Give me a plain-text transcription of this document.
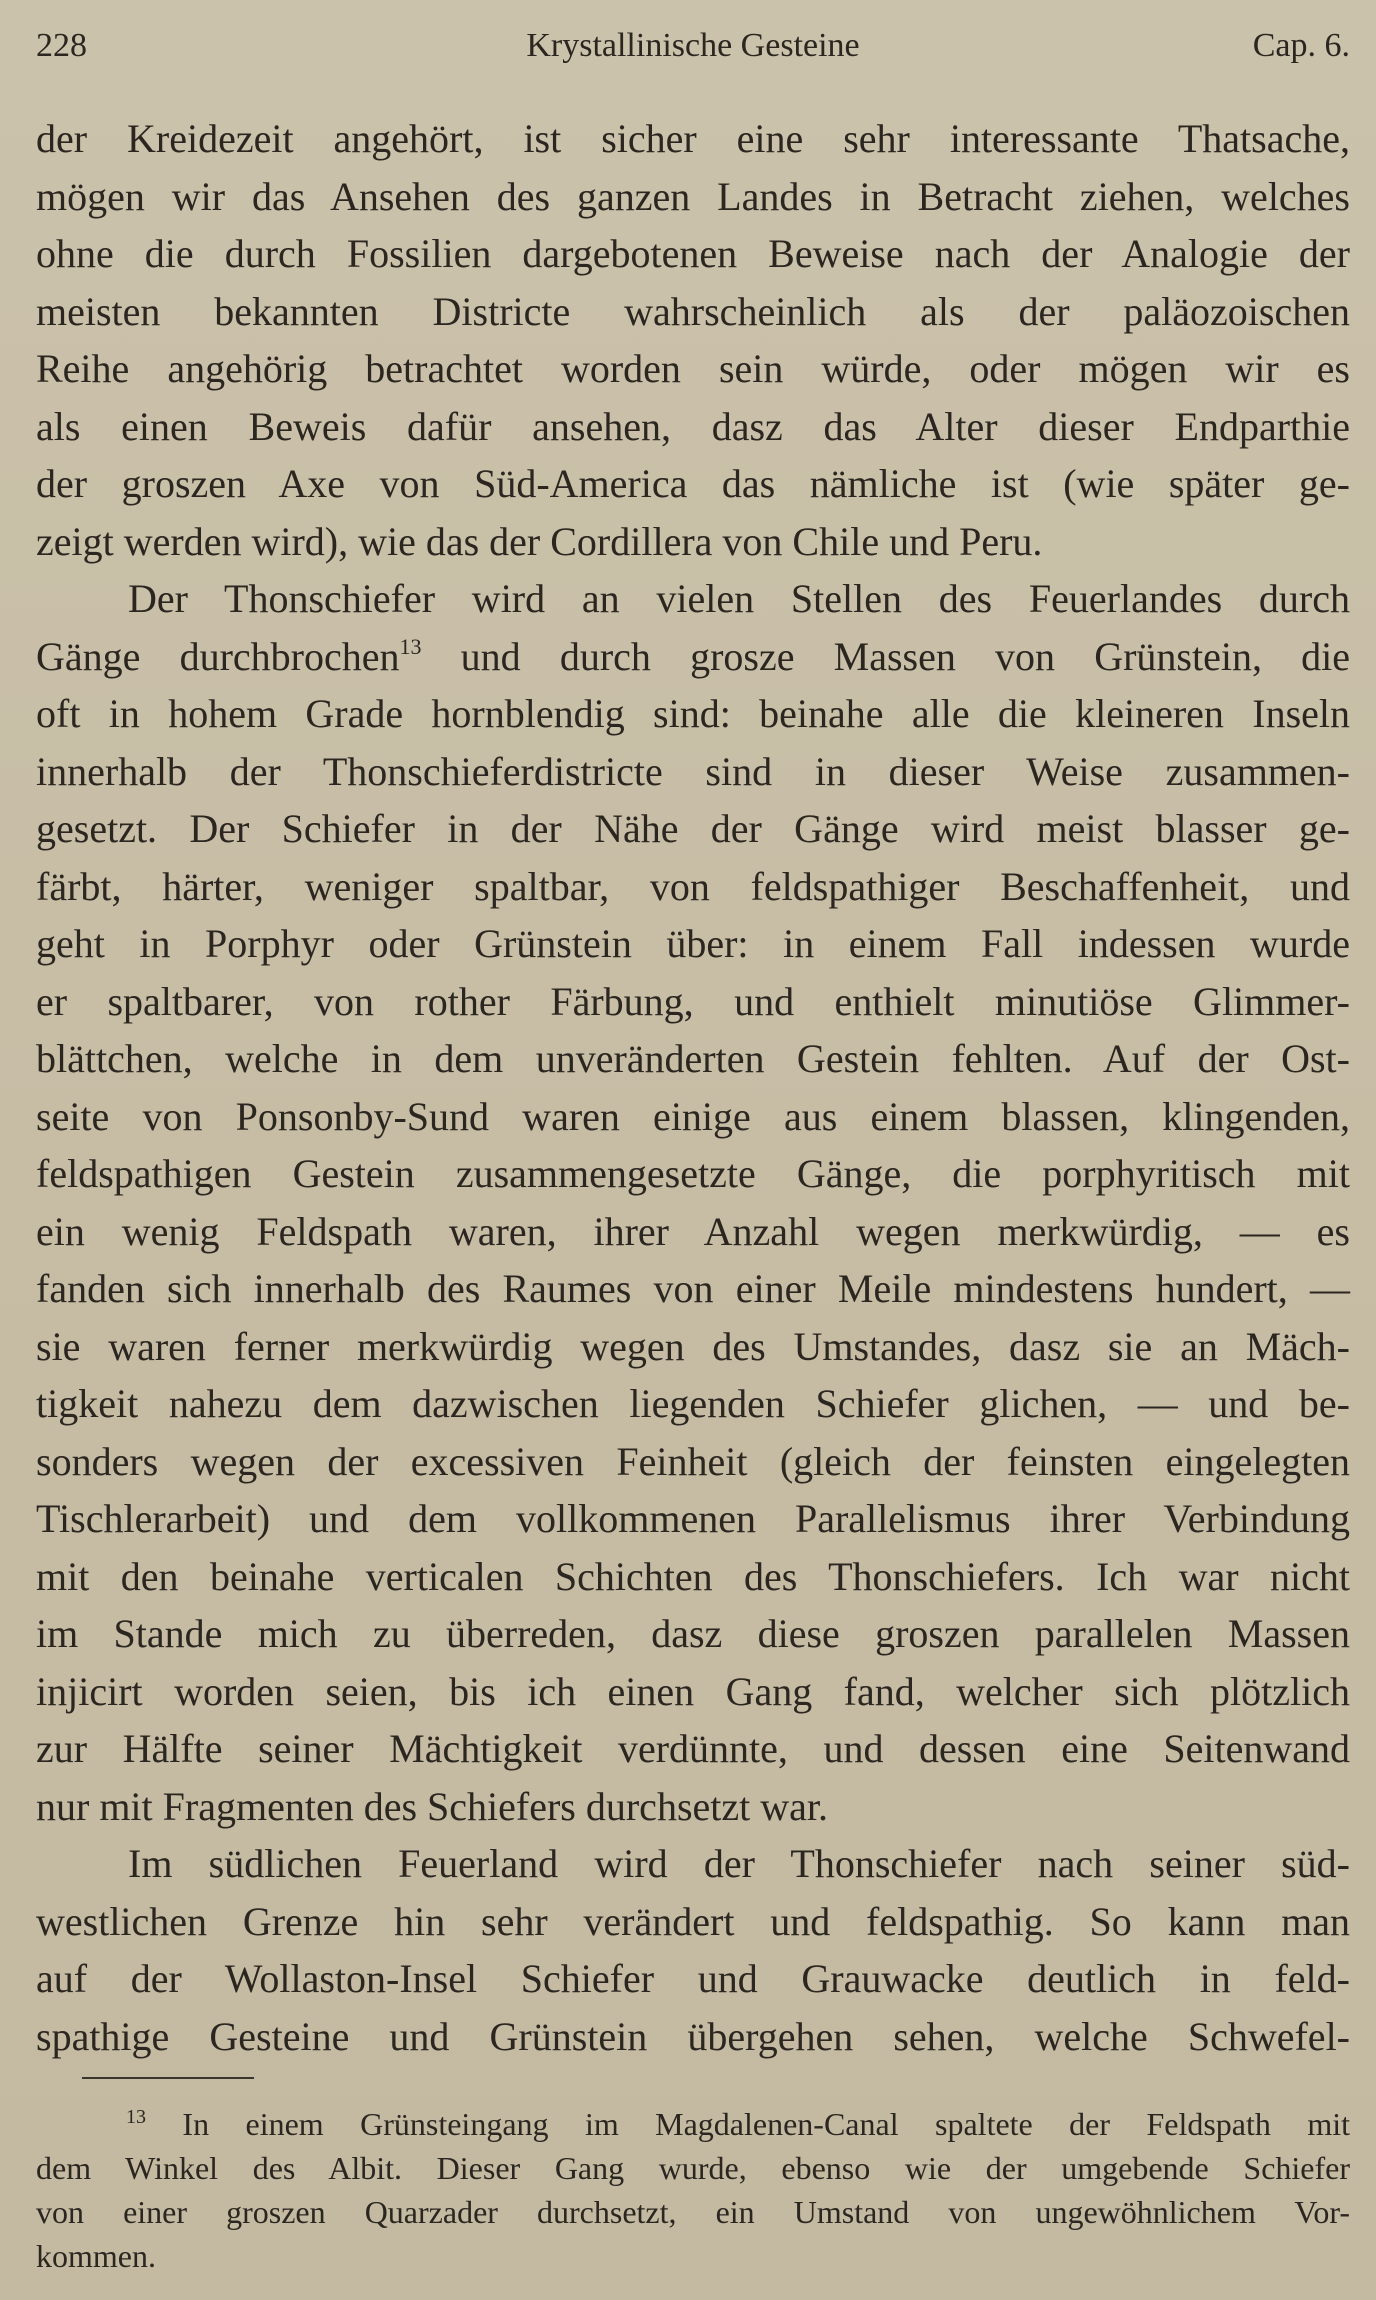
228	Krystallinische Gesteine	Cap. 6.
der Kreidezeit angehört, ist sicher eine sehr interessante Thatsache,
mögen wir das Ansehen des ganzen Landes in Betracht ziehen, welches
ohne die durch Fossilien dargebotenen Beweise nach der Analogie der
meisten bekannten Districte wahrscheinlich als der paläozoischen
Reihe angehörig betrachtet worden sein würde, oder mögen wir es
als einen Beweis dafür ansehen, dasz das Alter dieser Endparthie
der groszen Axe von Süd-America das nämliche ist (wie später ge-
zeigt werden wird), wie das der Cordillera von Chile und Peru.
Der Thonschiefer wird an vielen Stellen des Feuerlandes durch
Gänge durchbrochen$^{13}$ und durch grosze Massen von Grünstein, die
oft in hohem Grade hornblendig sind: beinahe alle die kleineren Inseln
innerhalb der Thonschieferdistricte sind in dieser Weise zusammen-
gesetzt. Der Schiefer in der Nähe der Gänge wird meist blasser ge-
färbt, härter, weniger spaltbar, von feldspathiger Beschaffenheit, und
geht in Porphyr oder Grünstein über: in einem Fall indessen wurde
er spaltbarer, von rother Färbung, und enthielt minutiöse Glimmer-
blättchen, welche in dem unveränderten Gestein fehlten. Auf der Ost-
seite von Ponsonby-Sund waren einige aus einem blassen, klingenden,
feldspathigen Gestein zusammengesetzte Gänge, die porphyritisch mit
ein wenig Feldspath waren, ihrer Anzahl wegen merkwürdig, — es
fanden sich innerhalb des Raumes von einer Meile mindestens hundert, —
sie waren ferner merkwürdig wegen des Umstandes, dasz sie an Mäch-
tigkeit nahezu dem dazwischen liegenden Schiefer glichen, — und be-
sonders wegen der excessiven Feinheit (gleich der feinsten eingelegten
Tischlerarbeit) und dem vollkommenen Parallelismus ihrer Verbindung
mit den beinahe verticalen Schichten des Thonschiefers. Ich war nicht
im Stande mich zu überreden, dasz diese groszen parallelen Massen
injicirt worden seien, bis ich einen Gang fand, welcher sich plötzlich
zur Hälfte seiner Mächtigkeit verdünnte, und dessen eine Seitenwand
nur mit Fragmenten des Schiefers durchsetzt war.
Im südlichen Feuerland wird der Thonschiefer nach seiner süd-
westlichen Grenze hin sehr verändert und feldspathig. So kann man
auf der Wollaston-Insel Schiefer und Grauwacke deutlich in feld-
spathige Gesteine und Grünstein übergehen sehen, welche Schwefel-
$^{13}$ In einem Grünsteingang im Magdalenen-Canal spaltete der Feldspath mit
dem Winkel des Albit. Dieser Gang wurde, ebenso wie der umgebende Schiefer
von einer groszen Quarzader durchsetzt, ein Umstand von ungewöhnlichem Vor-
kommen.
